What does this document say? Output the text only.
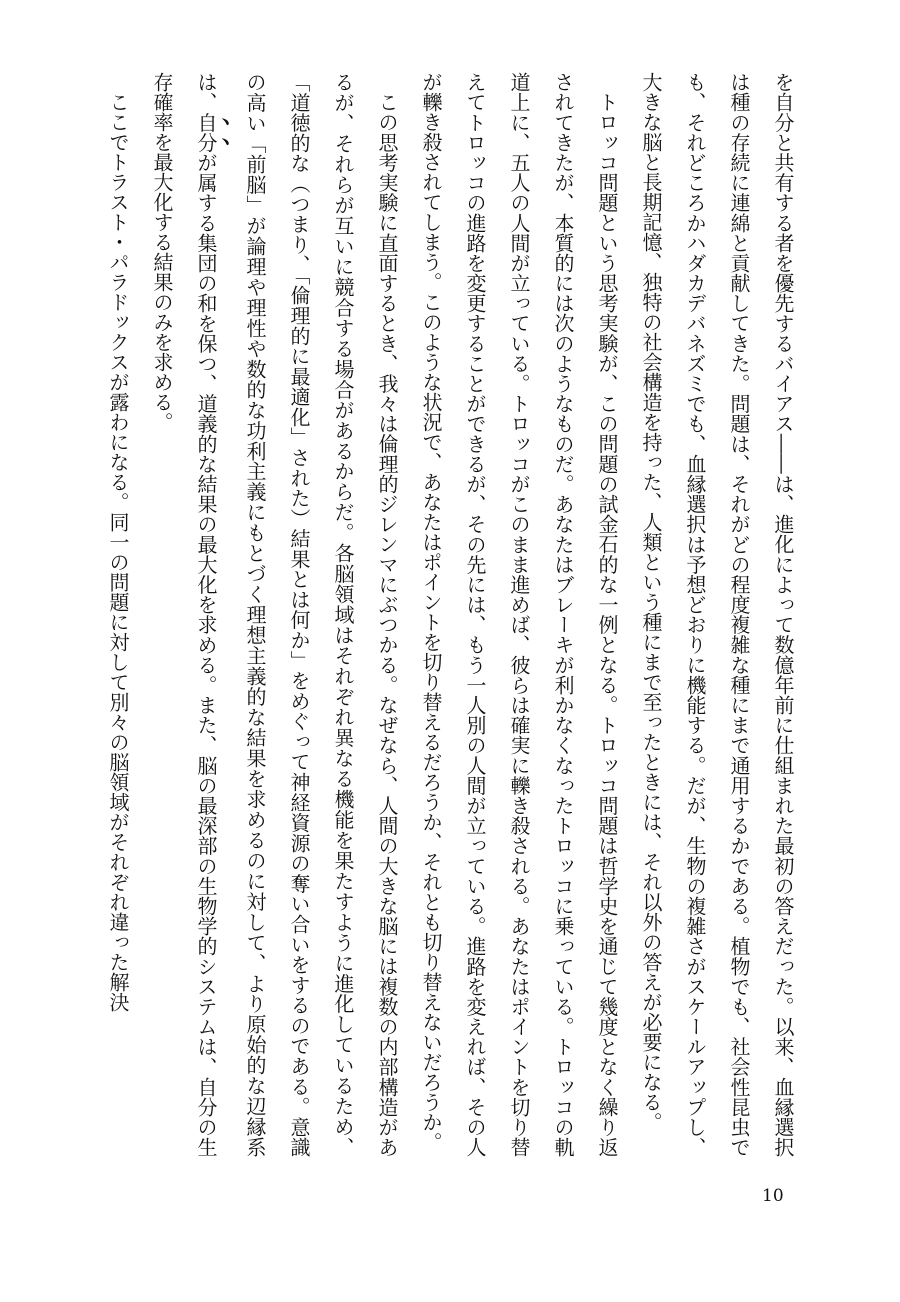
を自分と共有する者を優先するバイアス――は、進化によって数億年前に仕組まれた最初の答えだった。以来、血縁選択は種の存続に連綿と貢献してきた。問題は、それがどの程度複雑な種にまで通用するかである。植物でも、社会性昆虫でも、それどころかハダカデバネズミでも、血縁選択は予想どおりに機能する。だが、生物の複雑さがスケールアップし、大きな脳と長期記憶、独特の社会構造を持った、人類という種にまで至ったときには、それ以外の答えが必要になる。

トロッコ問題という思考実験が、この問題の試金石的な一例となる。トロッコ問題は哲学史を通じて幾度となく繰り返されてきたが、本質的には次のようなものだ。あなたはブレーキが利かなくなったトロッコに乗っている。トロッコの軌道上に、五人の人間が立っている。トロッコがこのまま進めば、彼らは確実に轢き殺される。あなたはポイントを切り替えてトロッコの進路を変更することができるが、その先には、もう一人別の人間が立っている。進路を変えれば、その人が轢き殺されてしまう。このような状況で、あなたはポイントを切り替えるだろうか、それとも切り替えないだろうか。

この思考実験に直面するとき、我々は倫理的ジレンマにぶつかる。なぜなら、人間の大きな脳には複数の内部構造があるが、それらが互いに競合する場合があるからだ。各脳領域はそれぞれ異なる機能を果たすように進化しているため、「道徳的な（つまり、「倫理的に最適化」された）結果とは何か」をめぐって神経資源の奪い合いをするのである。意識の高い「前脳」が論理や理性や数的な功利主義にもとづく理想主義的な結果を求めるのに対して、より原始的な辺縁系は、自分が属する集団の和を保つ、道義的な結果の最大化を求める。また、脳の最深部の生物学的システムは、自分の生存確率を最大化する結果のみを求める。

ここでトラスト・パラドックスが露わになる。同一の問題に対して別々の脳領域がそれぞれ違った解決

10
